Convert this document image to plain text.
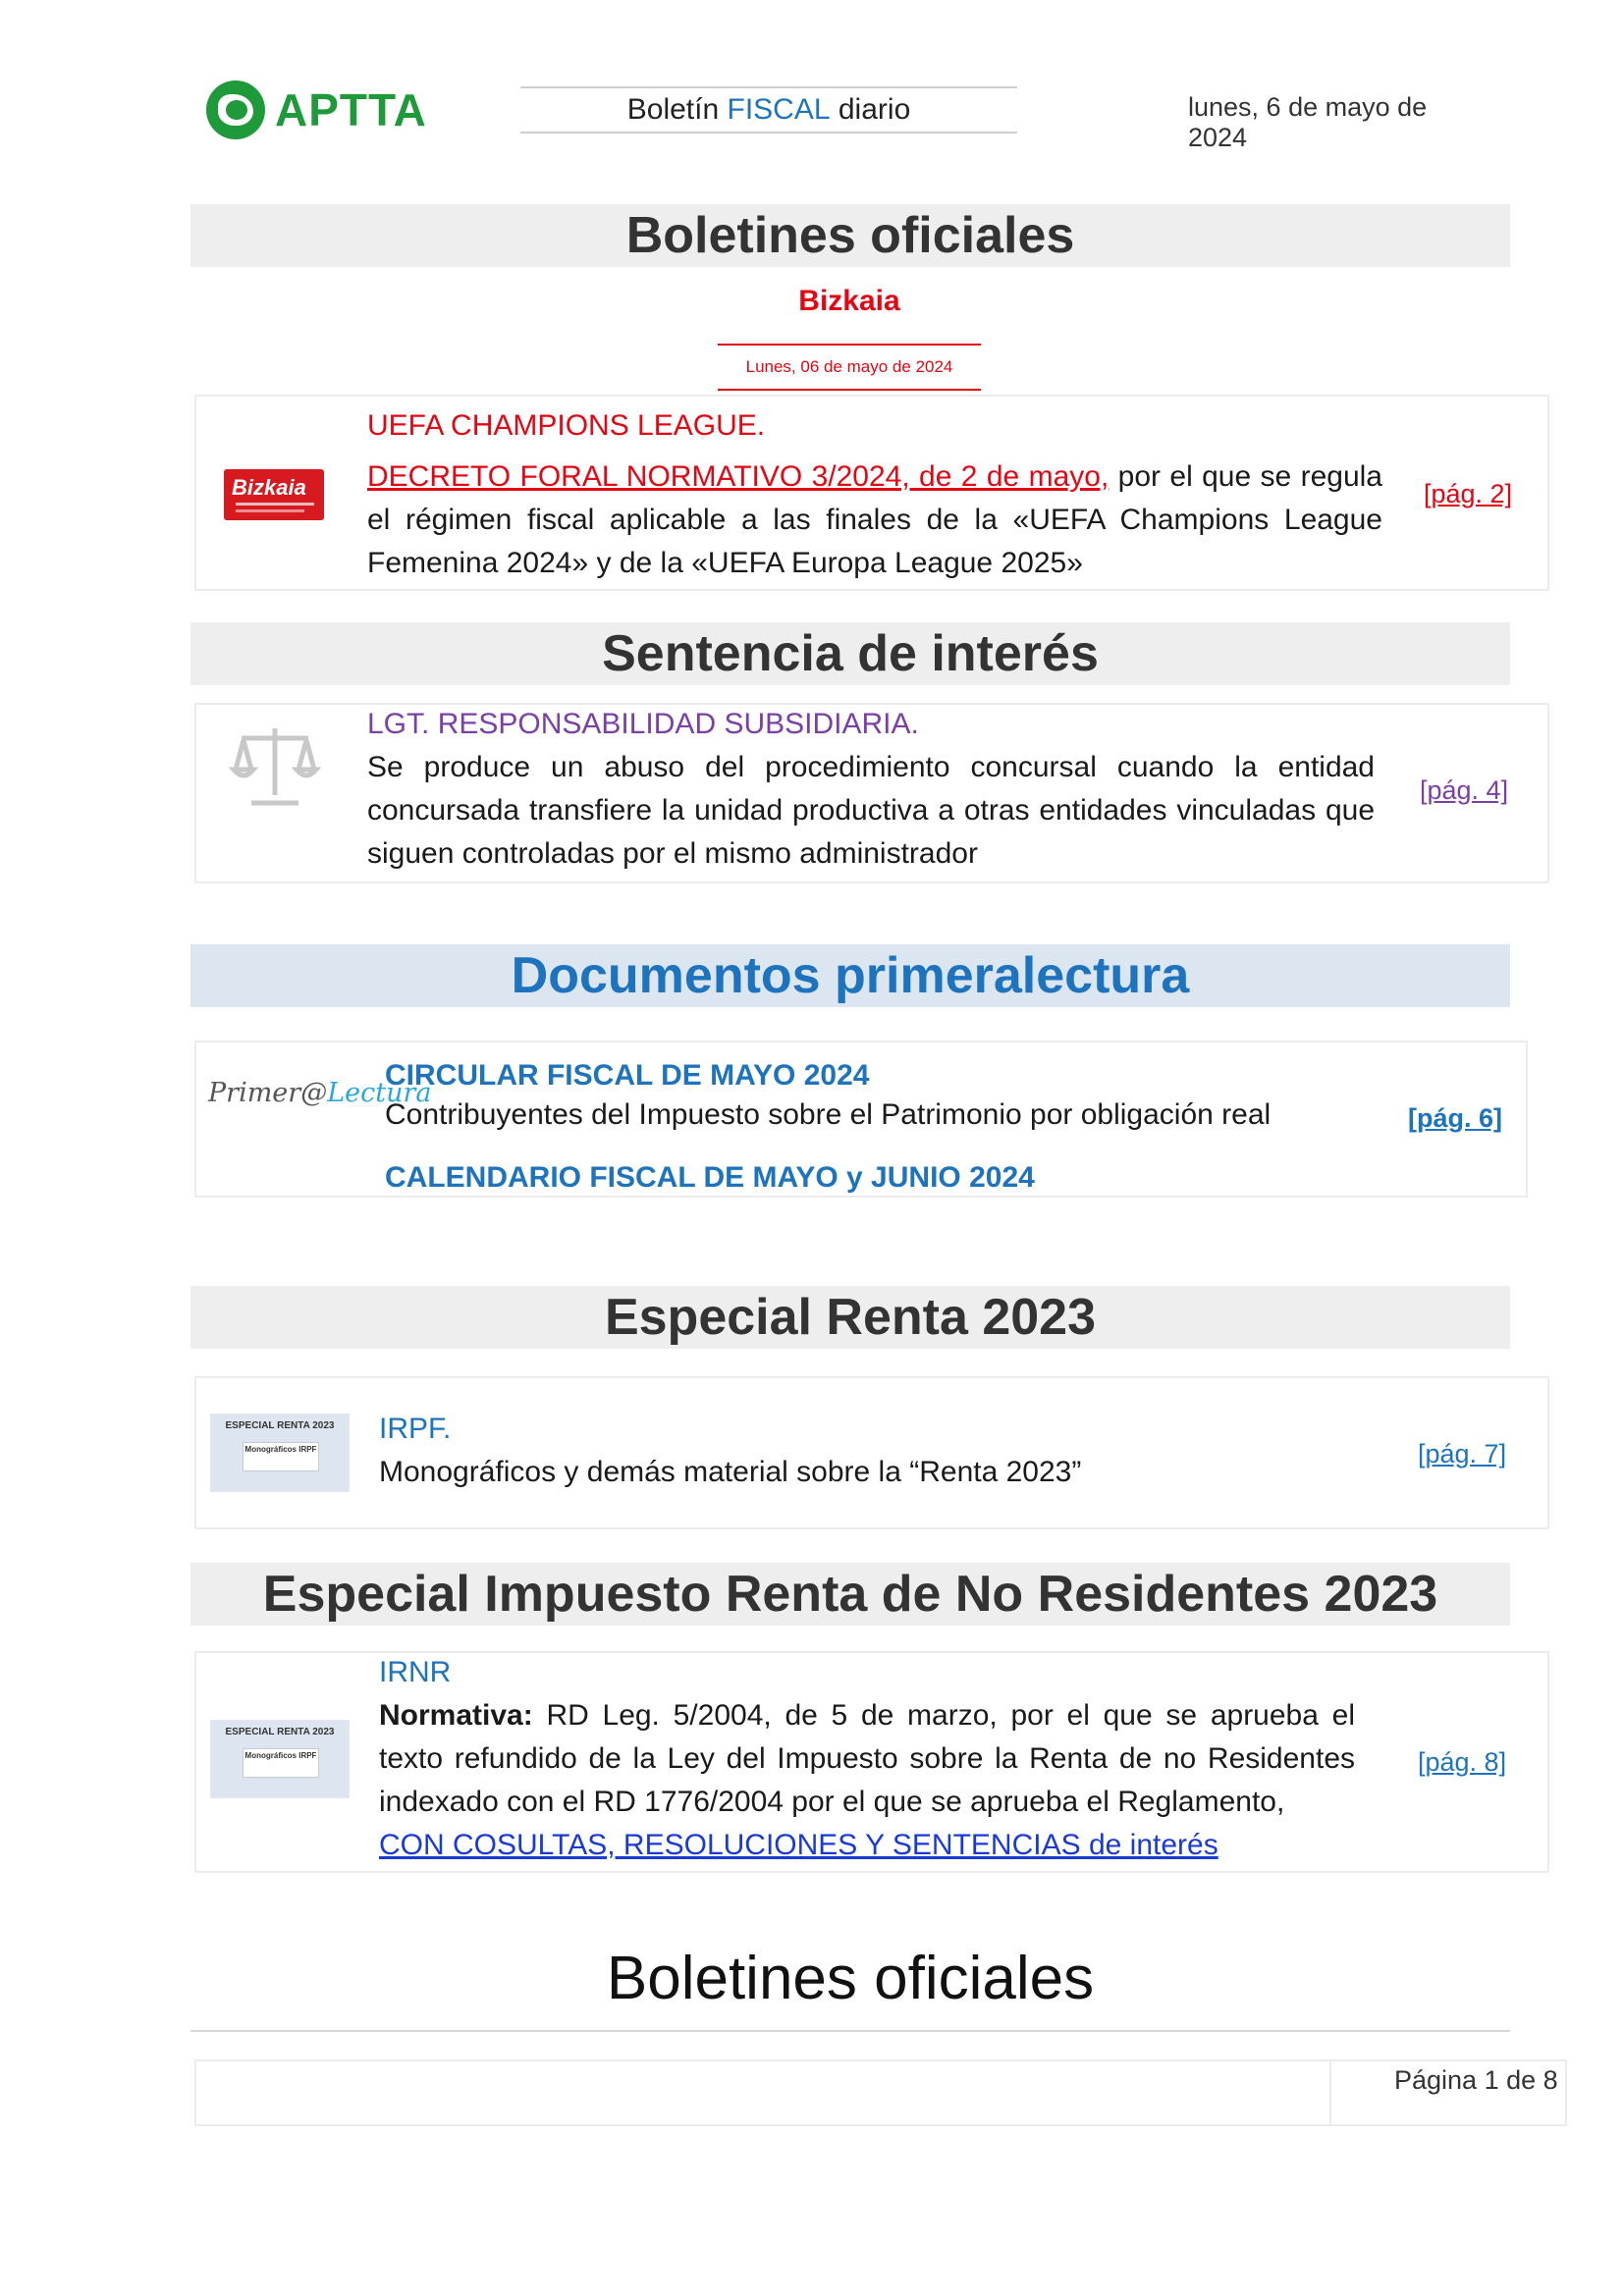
APTTA	Boletín
FISCAL
diario	lunes, 6 de mayo de 2024
Boletines oficiales
Bizkaia
Lunes, 06 de mayo de 2024
Bizkaia
UEFA CHAMPIONS LEAGUE.
DECRETO FORAL NORMATIVO 3/2024, de 2 de mayo, por el que se regula el régimen fiscal aplicable a las finales de la «UEFA Champions League Femenina 2024» y de la «UEFA Europa League 2025»
[pág. 2]
Sentencia de interés
LGT. RESPONSABILIDAD SUBSIDIARIA.
Se produce un abuso del procedimiento concursal cuando la entidad concursada transfiere la unidad productiva a otras entidades vinculadas que siguen controladas por el mismo administrador
[pág. 4]
Documentos primeralectura
Primer@Lectura
CIRCULAR FISCAL DE MAYO 2024
Contribuyentes del Impuesto sobre el Patrimonio por obligación real
CALENDARIO FISCAL DE MAYO y JUNIO 2024
[pág. 6]
Especial Renta 2023
ESPECIAL RENTA 2023
Monográficos IRPF
IRPF.
Monográficos y demás material sobre la “Renta 2023”
[pág. 7]
Especial Impuesto Renta de No Residentes 2023
ESPECIAL RENTA 2023
Monográficos IRPF
IRNR
Normativa: RD Leg. 5/2004, de 5 de marzo, por el que se aprueba el texto refundido de la Ley del Impuesto sobre la Renta de no Residentes indexado con el RD 1776/2004 por el que se aprueba el Reglamento,
CON COSULTAS, RESOLUCIONES Y SENTENCIAS de interés
[pág. 8]
Boletines oficiales
Página 1 de 8
